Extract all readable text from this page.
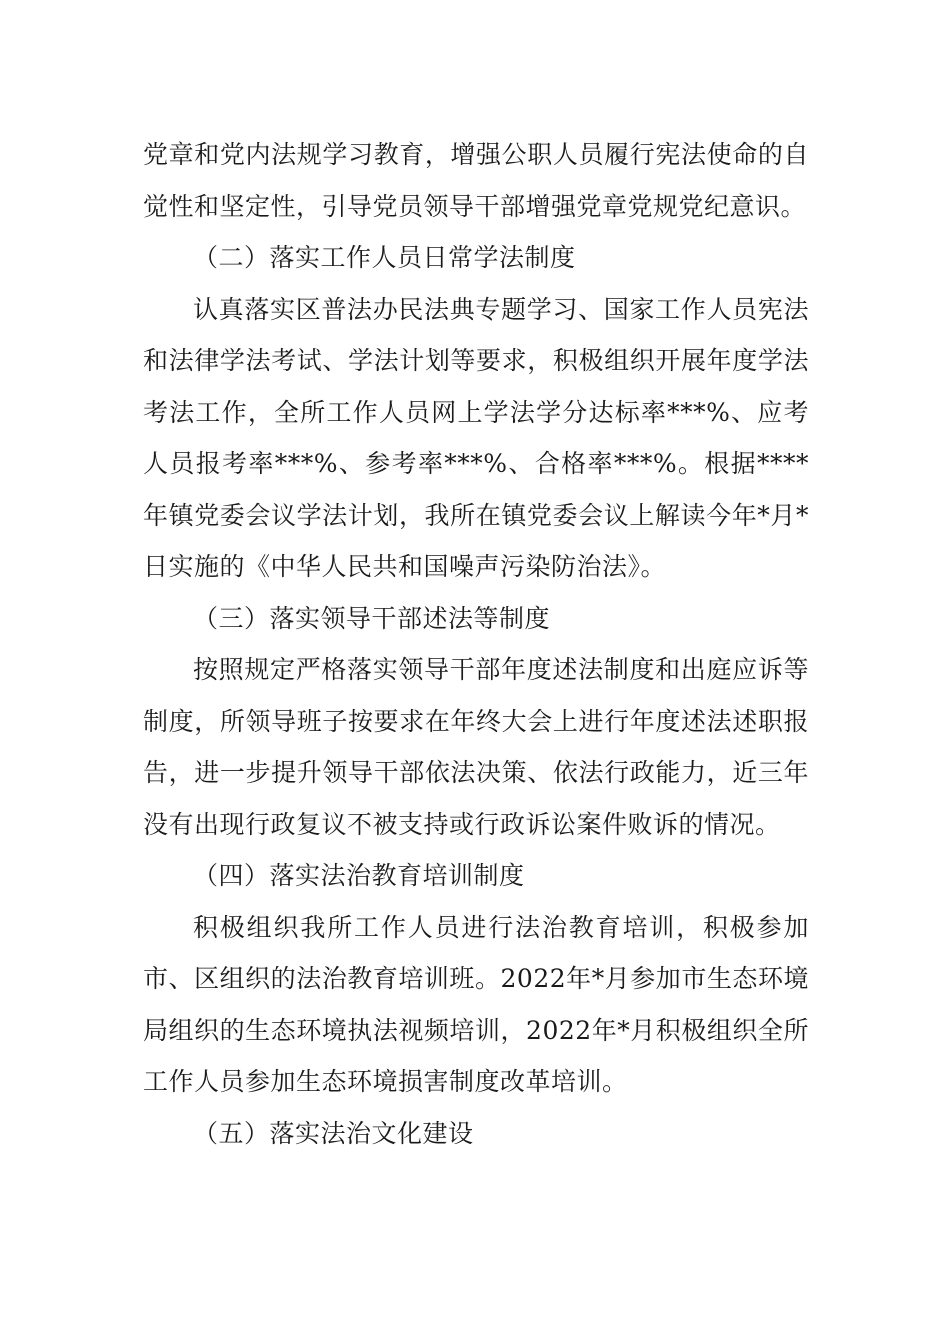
党章和党内法规学习教育，增强公职人员履行宪法使命的自觉性和坚定性，引导党员领导干部增强党章党规党纪意识。

（二）落实工作人员日常学法制度

认真落实区普法办民法典专题学习、国家工作人员宪法和法律学法考试、学法计划等要求，积极组织开展年度学法考法工作，全所工作人员网上学法学分达标率***%、应考人员报考率***%、参考率***%、合格率***%。根据****年镇党委会议学法计划，我所在镇党委会议上解读今年*月*日实施的《中华人民共和国噪声污染防治法》。

（三）落实领导干部述法等制度

按照规定严格落实领导干部年度述法制度和出庭应诉等制度，所领导班子按要求在年终大会上进行年度述法述职报告，进一步提升领导干部依法决策、依法行政能力，近三年没有出现行政复议不被支持或行政诉讼案件败诉的情况。

（四）落实法治教育培训制度

积极组织我所工作人员进行法治教育培训，积极参加市、区组织的法治教育培训班。2022年*月参加市生态环境局组织的生态环境执法视频培训，2022年*月积极组织全所工作人员参加生态环境损害制度改革培训。

（五）落实法治文化建设
